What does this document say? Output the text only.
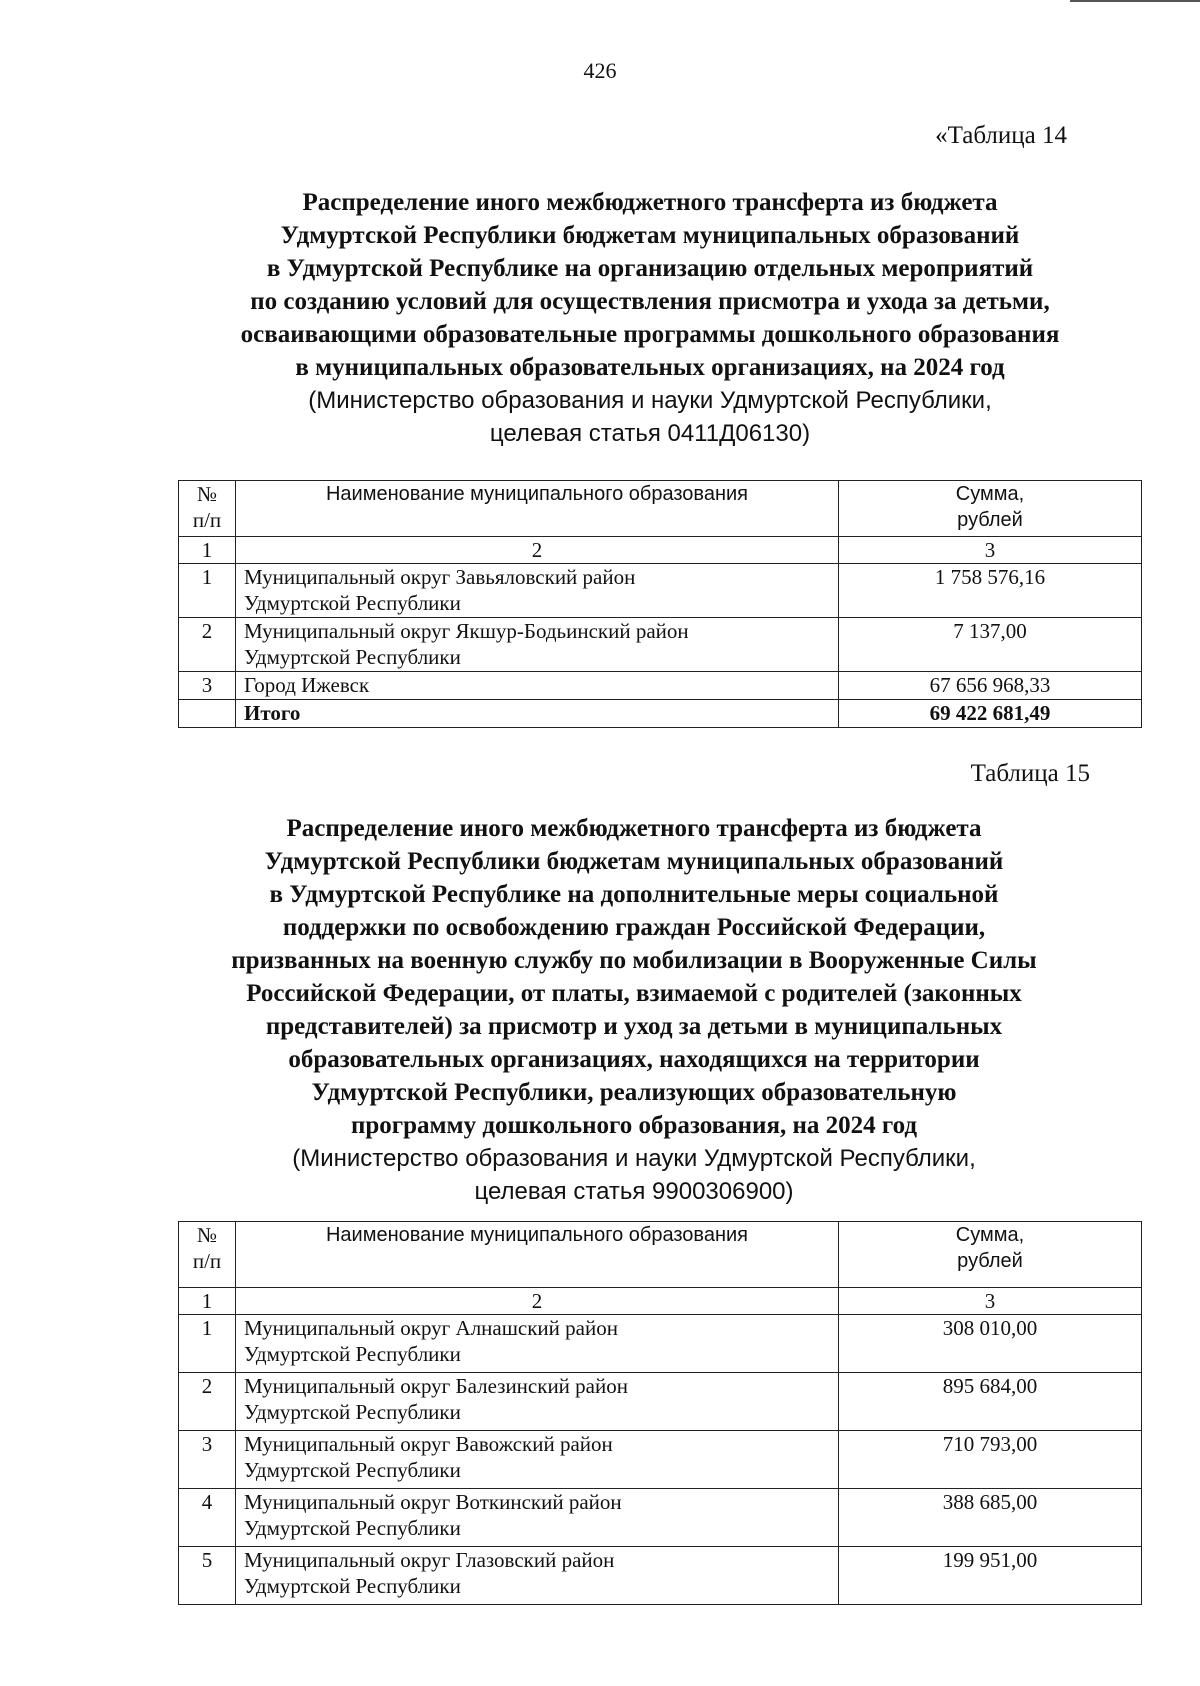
426
«Таблица 14
Распределение иного межбюджетного трансферта из бюджета
Удмуртской Республики бюджетам муниципальных образований
в Удмуртской Республике на организацию отдельных мероприятий
по созданию условий для осуществления присмотра и ухода за детьми,
осваивающими образовательные программы дошкольного образования
в муниципальных образовательных организациях, на 2024 год
(Министерство образования и науки Удмуртской Республики,
целевая статья 0411Д06130)
№
п/п	Наименование муниципального образования	Сумма,
рублей
1	2	3
1	Муниципальный округ Завьяловский район
Удмуртской Республики	1 758 576,16
2	Муниципальный округ Якшур-Бодьинский район
Удмуртской Республики	7 137,00
3	Город Ижевск	67 656 968,33
	Итого	69 422 681,49
Таблица 15
Распределение иного межбюджетного трансферта из бюджета
Удмуртской Республики бюджетам муниципальных образований
в Удмуртской Республике на дополнительные меры социальной
поддержки по освобождению граждан Российской Федерации,
призванных на военную службу по мобилизации в Вооруженные Силы
Российской Федерации, от платы, взимаемой с родителей (законных
представителей) за присмотр и уход за детьми в муниципальных
образовательных организациях, находящихся на территории
Удмуртской Республики, реализующих образовательную
программу дошкольного образования, на 2024 год
(Министерство образования и науки Удмуртской Республики,
целевая статья 9900306900)
№
п/п	Наименование муниципального образования	Сумма,
рублей
1	2	3
1	Муниципальный округ Алнашский район
Удмуртской Республики	308 010,00
2	Муниципальный округ Балезинский район
Удмуртской Республики	895 684,00
3	Муниципальный округ Вавожский район
Удмуртской Республики	710 793,00
4	Муниципальный округ Воткинский район
Удмуртской Республики	388 685,00
5	Муниципальный округ Глазовский район
Удмуртской Республики	199 951,00
